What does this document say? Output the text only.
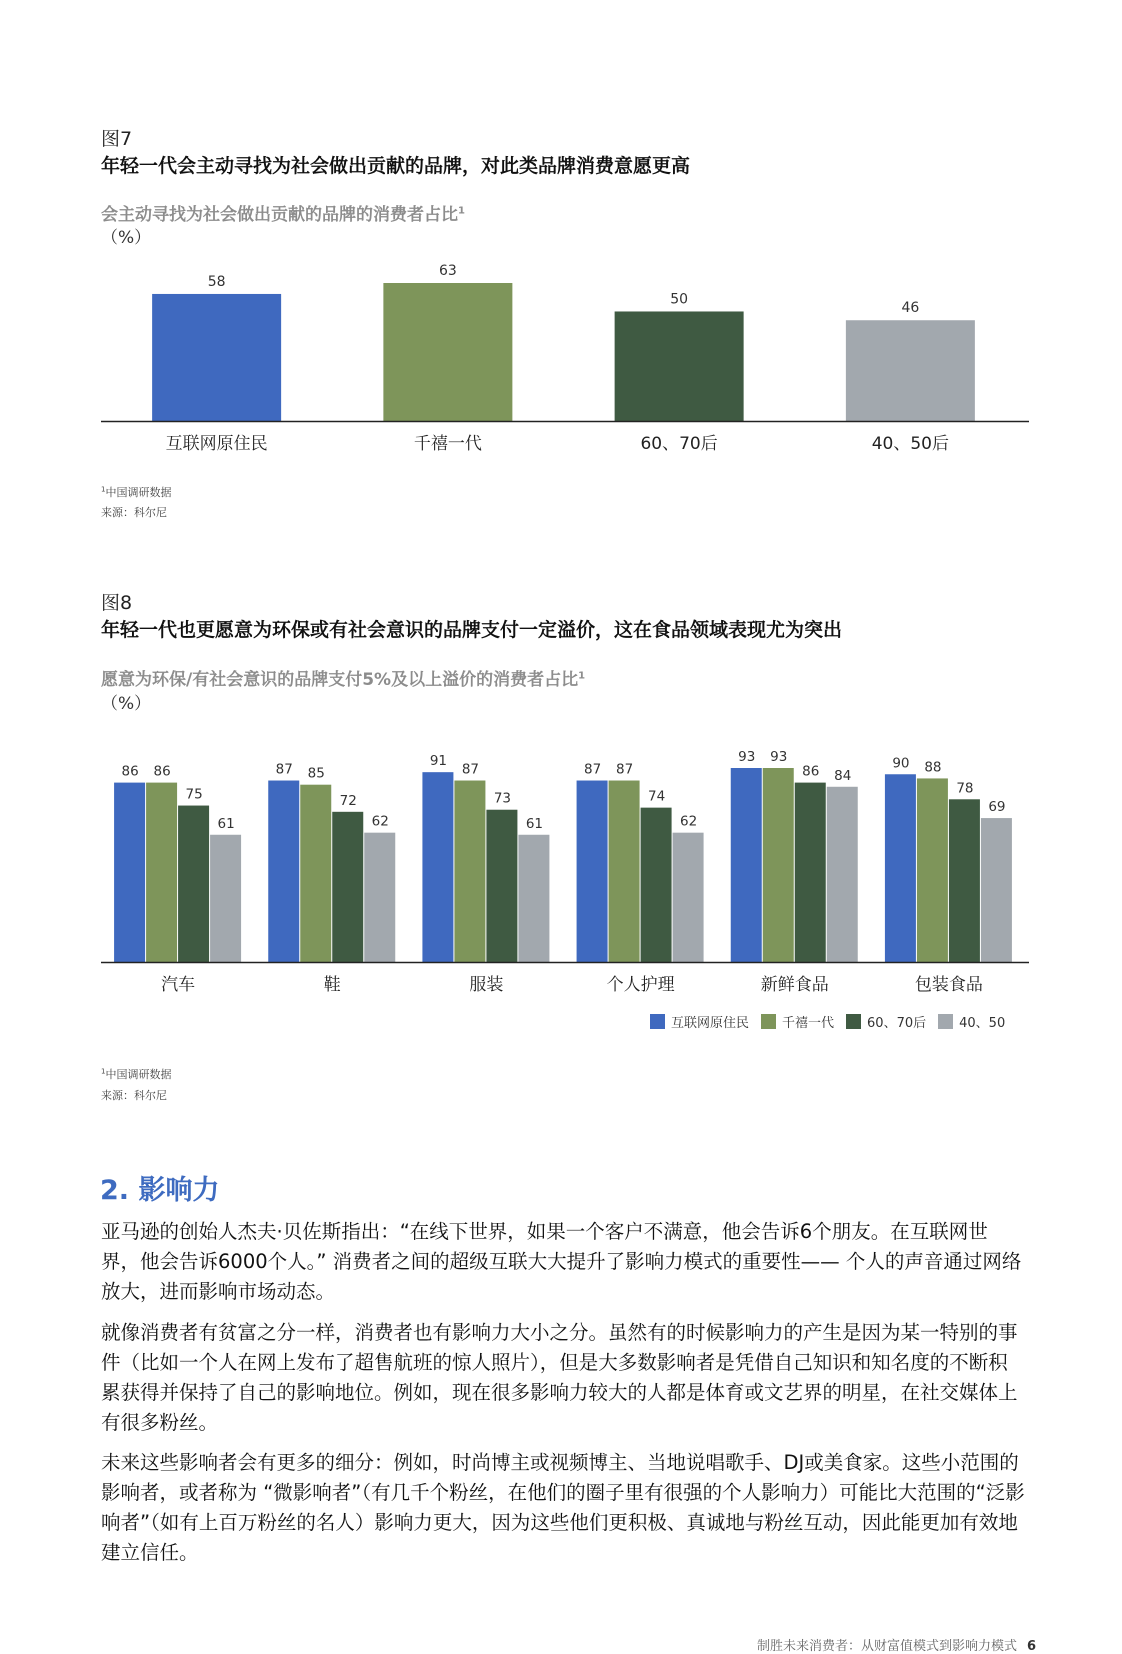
图7
年轻一代会主动寻找为社会做出贡献的品牌，对此类品牌消费意愿更高
会主动寻找为社会做出贡献的品牌的消费者占比$^1$
（%）
58
互联网原住民
63
千禧一代
50
60、70后
46
40、50后
$^1$中国调研数据
来源：科尔尼
图8
年轻一代也更愿意为环保或有社会意识的品牌支付一定溢价，这在食品领域表现尤为突出
愿意为环保/有社会意识的品牌支付5%及以上溢价的消费者占比$^1$
（%）
86 86
75
61
汽车
87 85
72
62
鞋
91
87
73
61
服装
87 87
74
62
个人护理
93 93
86 84
新鲜食品
90 88
78
69
包装食品
互联网原住民	千禧一代	60、70后	40、50
$^1$中国调研数据
来源：科尔尼
2. 影响力
亚马逊的创始人杰夫·贝佐斯指出：“在线下世界，如果一个客户不满意，他会告诉6个朋友。在互联网世界，他会告诉6000个人。” 消费者之间的超级互联大大提升了影响力模式的重要性—— 个人的声音通过网络放大，进而影响市场动态。
就像消费者有贫富之分一样，消费者也有影响力大小之分。虽然有的时候影响力的产生是因为某一特别的事件（比如一个人在网上发布了超售航班的惊人照片），但是大多数影响者是凭借自己知识和知名度的不断积累获得并保持了自己的影响地位。例如，现在很多影响力较大的人都是体育或文艺界的明星，在社交媒体上有很多粉丝。
未来这些影响者会有更多的细分：例如，时尚博主或视频博主、当地说唱歌手、DJ或美食家。这些小范围的影响者，或者称为 “微影响者”（有几千个粉丝，在他们的圈子里有很强的个人影响力）可能比大范围的“泛影响者”（如有上百万粉丝的名人）影响力更大，因为这些他们更积极、真诚地与粉丝互动，因此能更加有效地建立信任。
制胜未来消费者：从财富值模式到影响力模式 6
